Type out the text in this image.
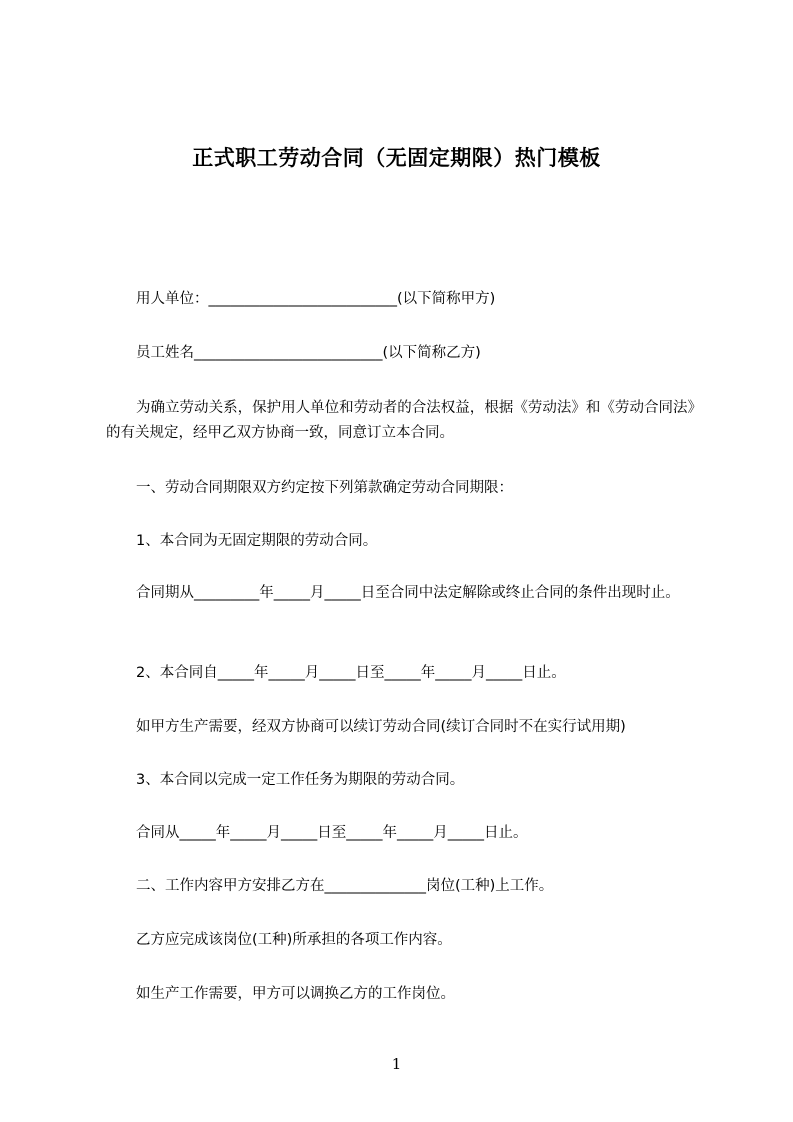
正式职工劳动合同（无固定期限）热门模板
用人单位：__________________________(以下简称甲方)
员工姓名__________________________(以下简称乙方)
为确立劳动关系，保护用人单位和劳动者的合法权益，根据《劳动法》和《劳动合同法》的有关规定，经甲乙双方协商一致，同意订立本合同。
一、劳动合同期限双方约定按下列第款确定劳动合同期限：
1、本合同为无固定期限的劳动合同。
合同期从_________年_____月_____日至合同中法定解除或终止合同的条件出现时止。
2、本合同自_____年_____月_____日至_____年_____月_____日止。
如甲方生产需要，经双方协商可以续订劳动合同(续订合同时不在实行试用期)
3、本合同以完成一定工作任务为期限的劳动合同。
合同从_____年_____月_____日至_____年_____月_____日止。
二、工作内容甲方安排乙方在______________岗位(工种)上工作。
乙方应完成该岗位(工种)所承担的各项工作内容。
如生产工作需要，甲方可以调换乙方的工作岗位。
1
